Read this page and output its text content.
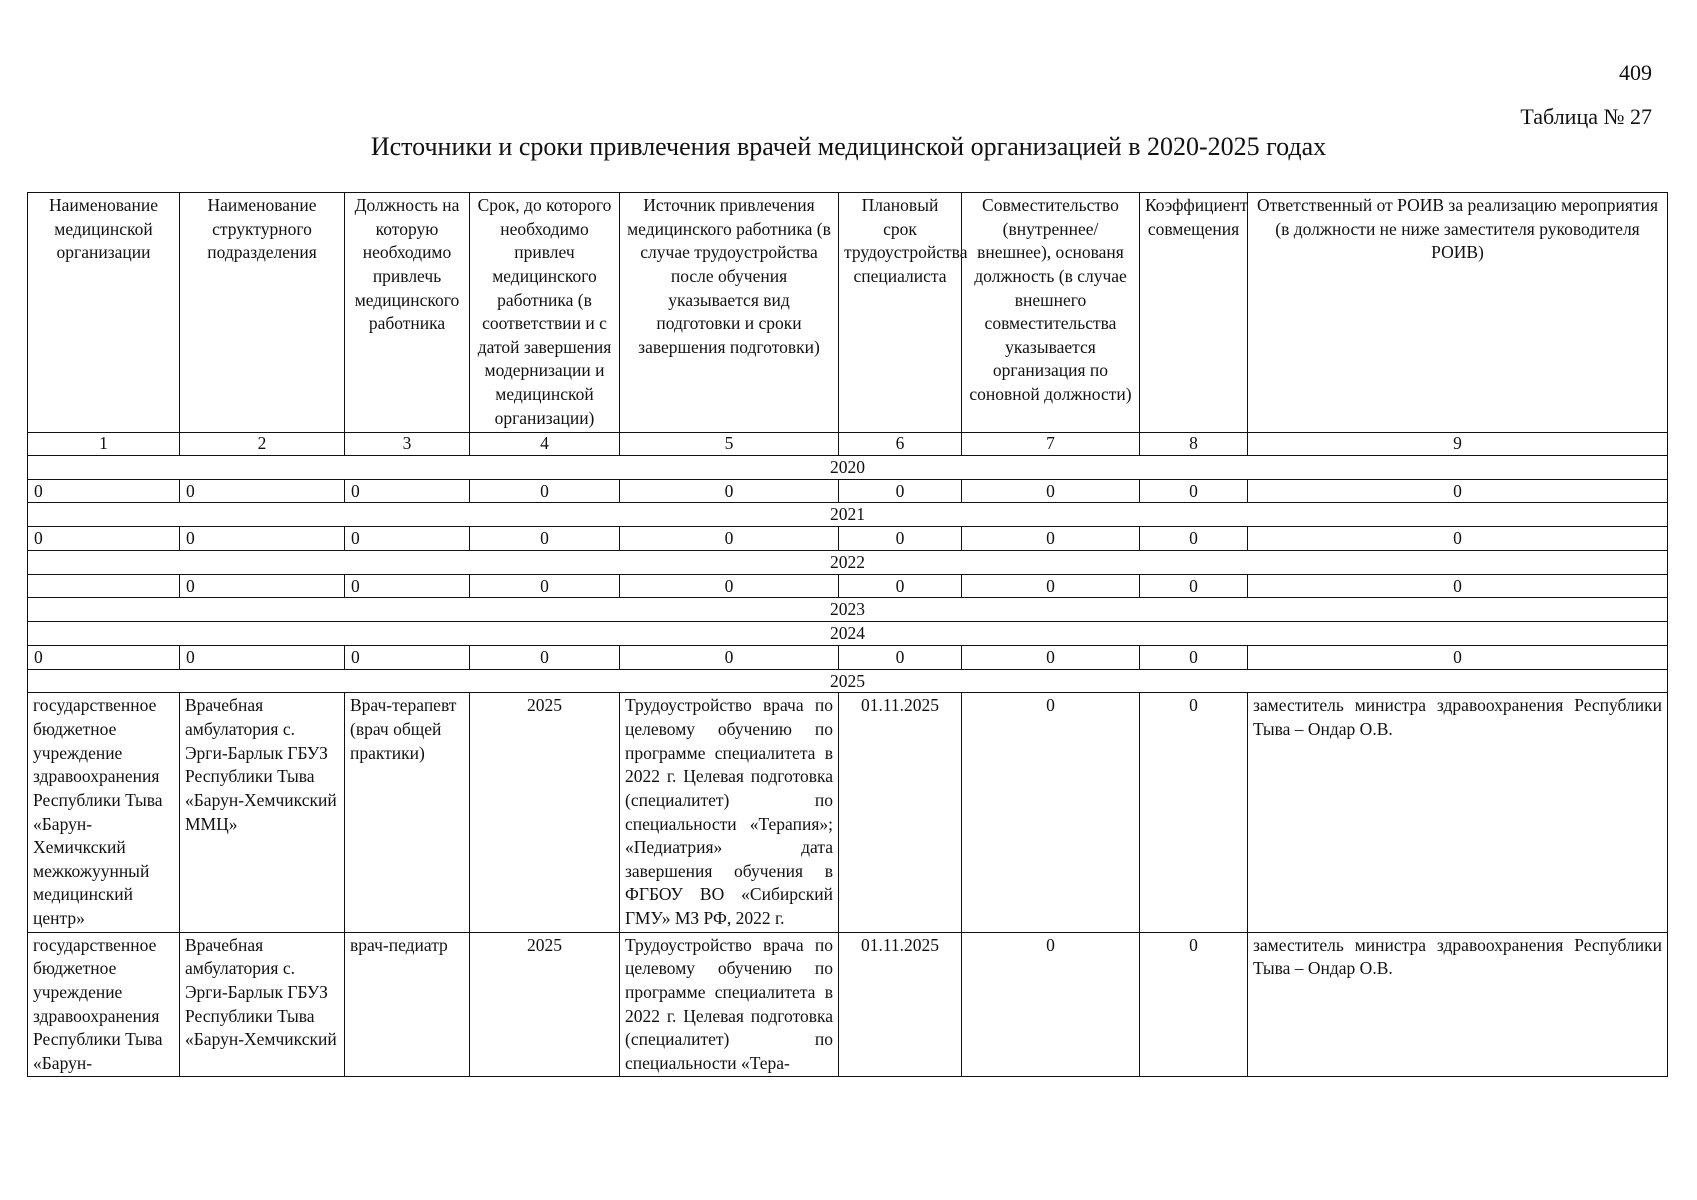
409
Таблица № 27
Источники и сроки привлечения врачей медицинской организацией в 2020-2025 годах
Наименование медицинской организации	Наименование структурного подразделения	Должность на которую необходимо привлечь медицинского работника	Срок, до которого необходимо привлеч медицинского работника (в соответствии и с датой завершения модернизации и медицинской организации)	Источник привлечения медицинского работника (в случае трудоустройства после обучения указывается вид подготовки и сроки завершения подготовки)	Плановый срок трудоустройства специалиста	Совместительство (внутреннее/внешнее), основаня должность (в случае внешнего совместительства указывается организация по соновной должности)	Коэффициент совмещения	Ответственный от РОИВ за реализацию мероприятия (в должности не ниже заместителя руководителя РОИВ)
1	2	3	4	5	6	7	8	9
2020								
0	0	0	0	0	0	0	0	0
2021								
0	0	0	0	0	0	0	0	0
2022								
	0	0	0	0	0	0	0	0
2023								
2024								
0	0	0	0	0	0	0	0	0
2025								
государственное бюджетное учреждение здравоохранения Республики Тыва «Барун-Хемичкский межкожуунный медицинский центр»	Врачебная амбулатория с. Эрги-Барлык ГБУЗ Республики Тыва «Барун-Хемчикский ММЦ»	Врач-терапевт (врач общей практики)	2025	Трудоустройство врача по целевому обучению по программе специалитета в 2022 г. Целевая подготовка (специалитет) по специальности «Терапия»; «Педиатрия» дата завершения обучения в ФГБОУ ВО «Сибирский ГМУ» МЗ РФ, 2022 г.	01.11.2025	0	0	заместитель министра здравоохранения Республики Тыва – Ондар О.В.
государственное бюджетное учреждение здравоохранения Республики Тыва «Барун-	Врачебная амбулатория с. Эрги-Барлык ГБУЗ Республики Тыва «Барун-Хемчикский	врач-педиатр	2025	Трудоустройство врача по целевому обучению по программе специалитета в 2022 г. Целевая подготовка (специалитет) по специальности «Тера-	01.11.2025	0	0	заместитель министра здравоохранения Республики Тыва – Ондар О.В.
